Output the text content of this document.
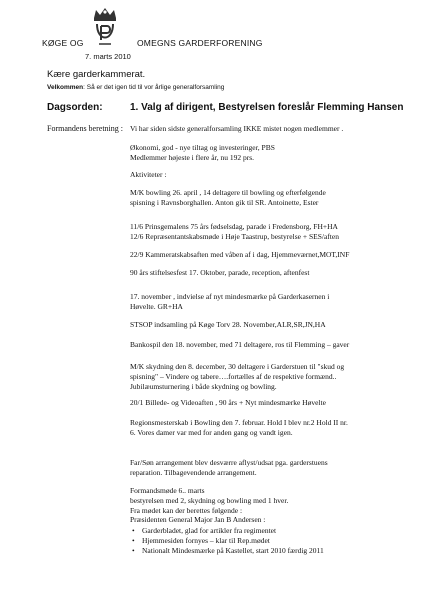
KØGE OG	OMEGNS GARDERFORENING
7. marts 2010
Kære garderkammerat.
Velkommen: Så er det igen tid til vor årlige generalforsamling
Dagsorden:	1. Valg af dirigent, Bestyrelsen foreslår Flemming Hansen
Formandens beretning : Vi har siden sidste generalforsamling IKKE mistet nogen medlemmer .
Økonomi, god - nye tiltag og investeringer, PBS
Medlemmer højeste i flere år, nu 192 prs.
Aktiviteter :
M/K bowling 26. april , 14 deltagere til bowling og efterfølgende
spisning i Ravnsborghallen. Anton gik til SR. Antoinette, Ester
11/6 Prinsgemalens 75 års fødselsdag, parade i Fredensborg, FH+HA
12/6 Repræsentantskabsmøde i Høje Taastrup, bestyrelse + SES/aften
22/9 Kammeratskabsaften med våben af i dag, Hjemmeværnet,MOT,INF
90 års stiftelsesfest 17. Oktober, parade, reception, aftenfest
17. november , indvielse af nyt mindesmærke på Garderkasernen i
Høvelte. GR+HA
STSOP indsamling på Køge Torv 28. November,ALR,SR,JN,HA
Bankospil den 18. november, med 71 deltagere, ros til Flemming – gaver
M/K skydning den 8. december, 30 deltagere i Garderstuen til "skud og
spisning" – Vindere og tabere….fortælles af de respektive formænd..
Jubilæumsturnering i både skydning og bowling.
20/1 Billede- og Videoaften , 90 års + Nyt mindesmærke Høvelte
Regionsmesterskab i Bowling den 7. februar. Hold I blev nr.2 Hold II nr.
6. Vores damer var med for anden gang og vandt igen.
Far/Søn arrangement blev desværre aflyst/udsat pga. garderstuens
reparation. Tilbagevendende arrangement.
Formandsmøde 6.. marts
bestyrelsen med 2, skydning og bowling med 1 hver.
Fra mødet kan der berettes følgende :
Præsidenten General Major Jan B Andersen :
• Garderbladet, glad for artikler fra regimentet
• Hjemmesiden fornyes – klar til Rep.mødet
• Nationalt Mindesmærke på Kastellet, start 2010 færdig 2011
